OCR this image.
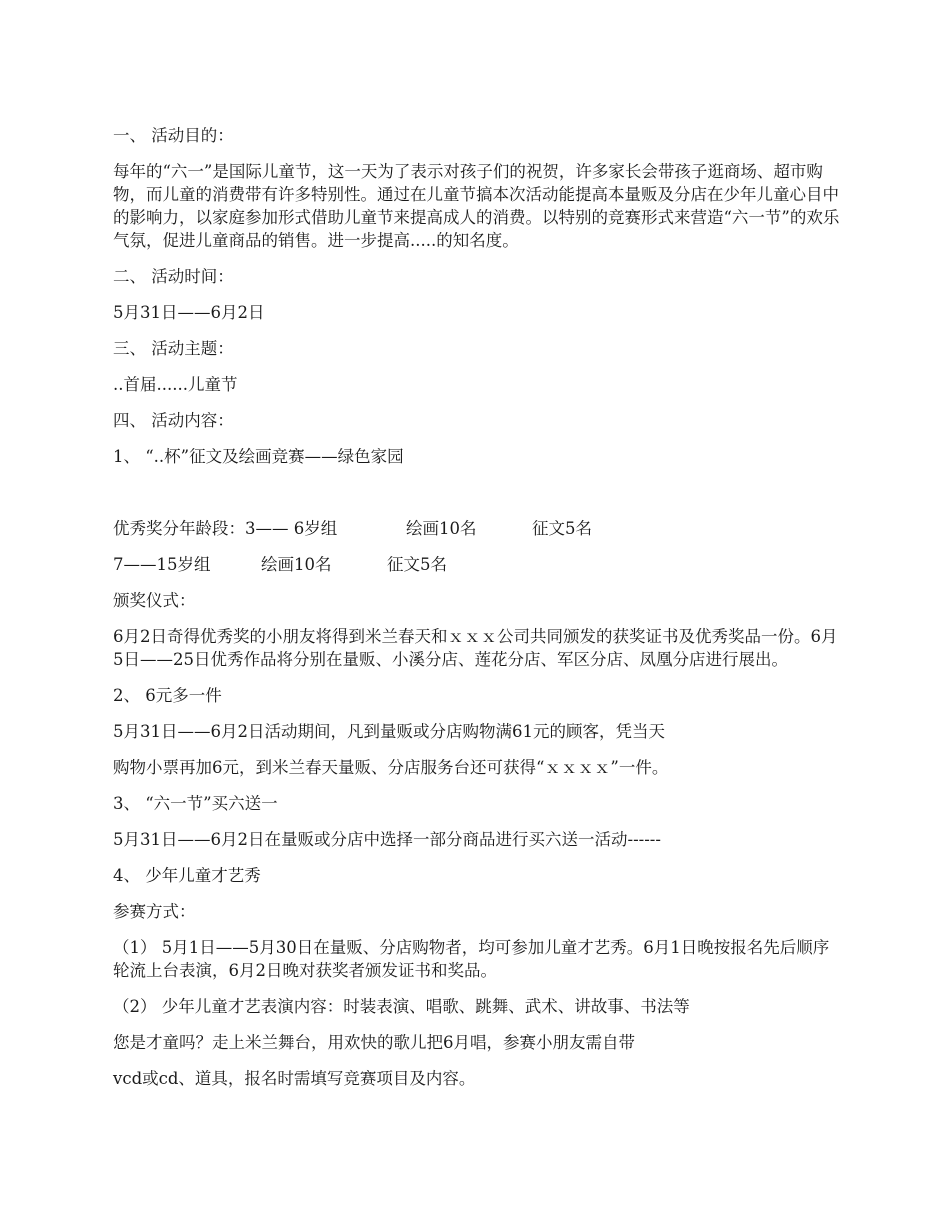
一、 活动目的：

每年的“六一”是国际儿童节，这一天为了表示对孩子们的祝贺，许多家长会带孩子逛商场、超市购物，而儿童的消费带有许多特别性。通过在儿童节搞本次活动能提高本量贩及分店在少年儿童心目中的影响力，以家庭参加形式借助儿童节来提高成人的消费。以特别的竞赛形式来营造“六一节”的欢乐气氛，促进儿童商品的销售。进一步提高.....的知名度。

二、 活动时间：

5月31日——6月2日

三、 活动主题：

..首届......儿童节

四、 活动内容：

1、 “..杯”征文及绘画竞赛——绿色家园

优秀奖分年龄段：3—— 6岁组	绘画10名	征文5名

7——15岁组	绘画10名	征文5名

颁奖仪式：

6月2日奇得优秀奖的小朋友将得到米兰春天和ｘｘｘ公司共同颁发的获奖证书及优秀奖品一份。6月5日——25日优秀作品将分别在量贩、小溪分店、莲花分店、军区分店、凤凰分店进行展出。

2、 6元多一件

5月31日——6月2日活动期间，凡到量贩或分店购物满61元的顾客，凭当天

购物小票再加6元，到米兰春天量贩、分店服务台还可获得“ｘｘｘｘ”一件。

3、 “六一节”买六送一

5月31日——6月2日在量贩或分店中选择一部分商品进行买六送一活动------

4、 少年儿童才艺秀

参赛方式：

（1） 5月1日——5月30日在量贩、分店购物者，均可参加儿童才艺秀。6月1日晚按报名先后顺序轮流上台表演，6月2日晚对获奖者颁发证书和奖品。

（2） 少年儿童才艺表演内容：时装表演、唱歌、跳舞、武术、讲故事、书法等

您是才童吗？走上米兰舞台，用欢快的歌儿把6月唱，参赛小朋友需自带

vcd或cd、道具，报名时需填写竞赛项目及内容。
